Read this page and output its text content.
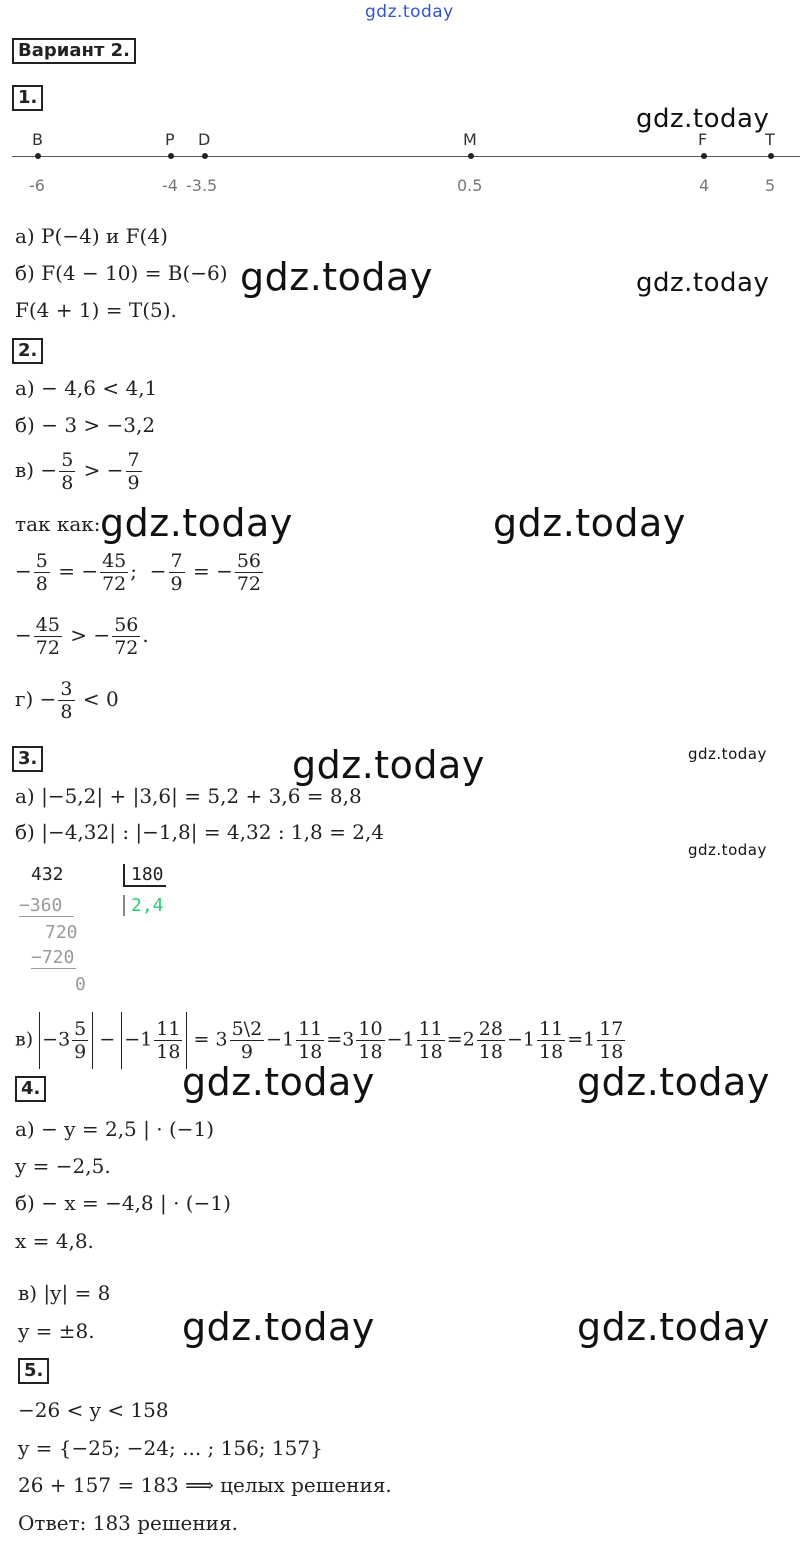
gdz.today
gdz.today
gdz.today	gdz.today
gdz.today	gdz.today
gdz.today	gdz.today
gdz.today
gdz.today	gdz.today
gdz.today	gdz.today
Вариант 2.
1.
B
-6
P
-4
D
-3.5
M
0.5
F
4
T
5
а) P(−4) и F(4)
б) F(4 − 10) = B(−6)
F(4 + 1) = T(5).
2.
а) − 4,6 < 4,1
б) − 3 > −3,2
$в) - \frac{5}{8}$ > − $\frac{7}{9}$
так как:
− $\frac{5}{8}$ = − $\frac{45}{72}$ ;  − $\frac{7}{9}$ = − $\frac{56}{72}$
− $\frac{45}{72}$ > − $\frac{56}{72}$ .
$г) - \frac{3}{8} < 0$
3.
а) |−5,2| + |3,6| = 5,2 + 3,6 = 8,8
б) |−4,32| : |−1,8| = 4,32 : 1,8 = 2,4
432	180
2,4
−360
720
−720
0
$в) -3 \frac{5}{9} - -1 \frac{11}{18} = 3 \frac{5\backslash 2}{9} -1 \frac{11}{18} =3 \frac{10}{18} -1 \frac{11}{18} =2 \frac{28}{18} -1 \frac{11}{18} =1 \frac{17}{18}$
4.
а) − y = 2,5 | · (−1)
y = −2,5.
б) − x = −4,8 | · (−1)
x = 4,8.
в) |y| = 8
y = ±8.
5.
−26 < y < 158
y = {−25; −24; ... ; 156; 157}
26 + 157 = 183 ⟹ целых решения.
Ответ: 183 решения.
